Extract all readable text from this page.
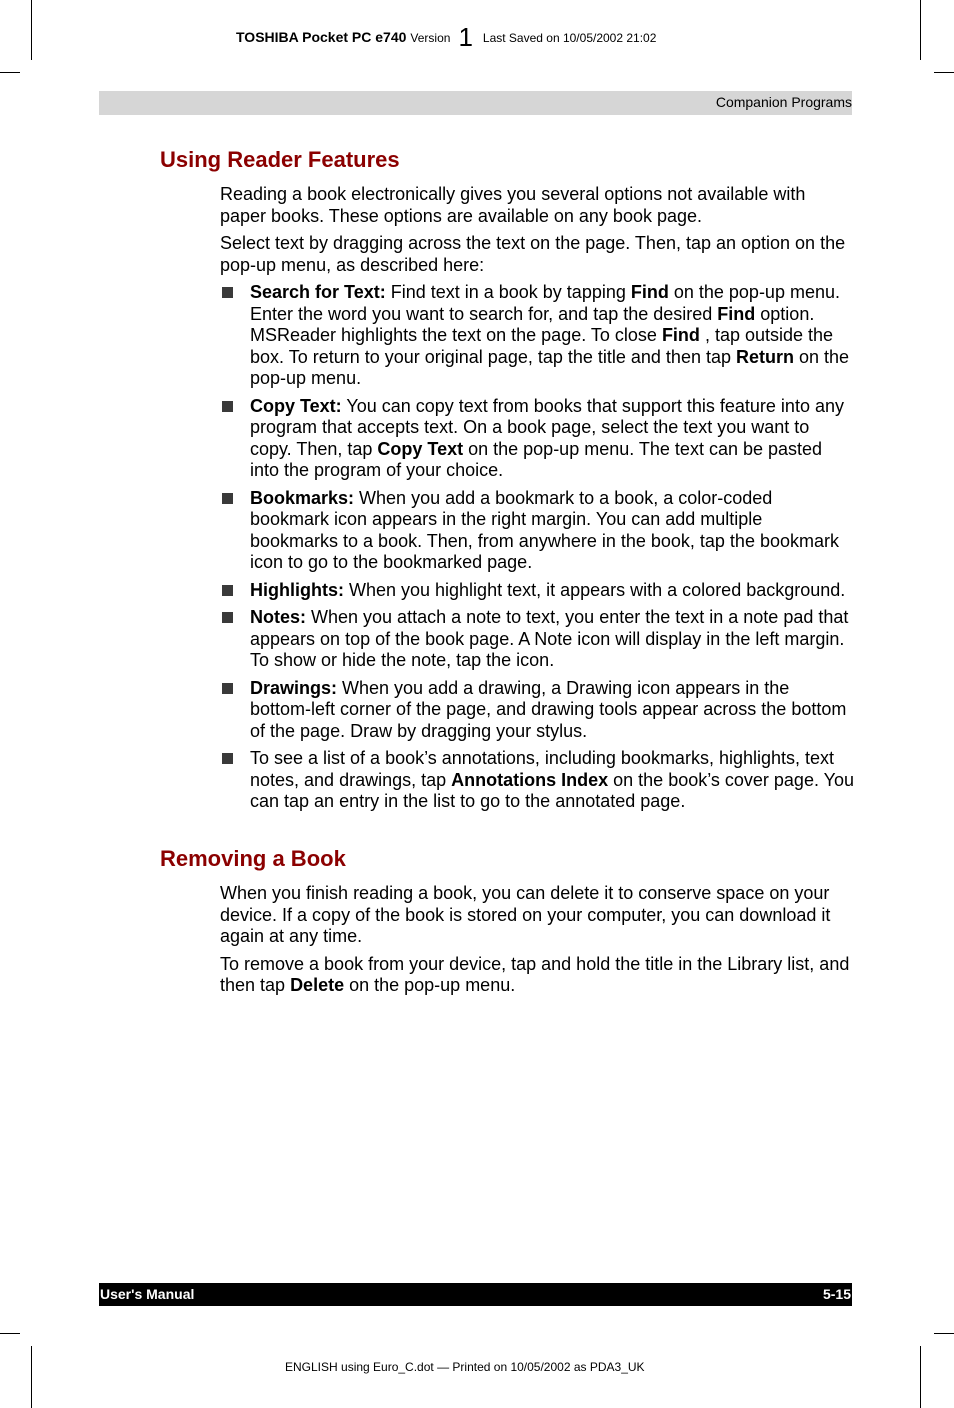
TOSHIBA Pocket PC e740 Version 1 Last Saved on 10/05/2002 21:02
Companion Programs
Using Reader Features

Reading a book electronically gives you several options not available with paper books. These options are available on any book page.

Select text by dragging across the text on the page. Then, tap an option on the pop-up menu, as described here:

Search for Text: Find text in a book by tapping Find on the pop-up menu. Enter the word you want to search for, and tap the desired Find option. MSReader highlights the text on the page. To close Find , tap outside the box. To return to your original page, tap the title and then tap Return on the pop-up menu.
Copy Text: You can copy text from books that support this feature into any program that accepts text. On a book page, select the text you want to copy. Then, tap Copy Text on the pop-up menu. The text can be pasted into the program of your choice.
Bookmarks: When you add a bookmark to a book, a color-coded bookmark icon appears in the right margin. You can add multiple bookmarks to a book. Then, from anywhere in the book, tap the bookmark icon to go to the bookmarked page.
Highlights: When you highlight text, it appears with a colored background.
Notes: When you attach a note to text, you enter the text in a note pad that appears on top of the book page. A Note icon will display in the left margin. To show or hide the note, tap the icon.
Drawings: When you add a drawing, a Drawing icon appears in the bottom-left corner of the page, and drawing tools appear across the bottom of the page. Draw by dragging your stylus.
To see a list of a book’s annotations, including bookmarks, highlights, text notes, and drawings, tap Annotations Index on the book’s cover page. You can tap an entry in the list to go to the annotated page.
Removing a Book

When you finish reading a book, you can delete it to conserve space on your device. If a copy of the book is stored on your computer, you can download it again at any time.

To remove a book from your device, tap and hold the title in the Library list, and then tap Delete on the pop-up menu.

User's Manual	5-15
ENGLISH using Euro_C.dot — Printed on 10/05/2002 as PDA3_UK
